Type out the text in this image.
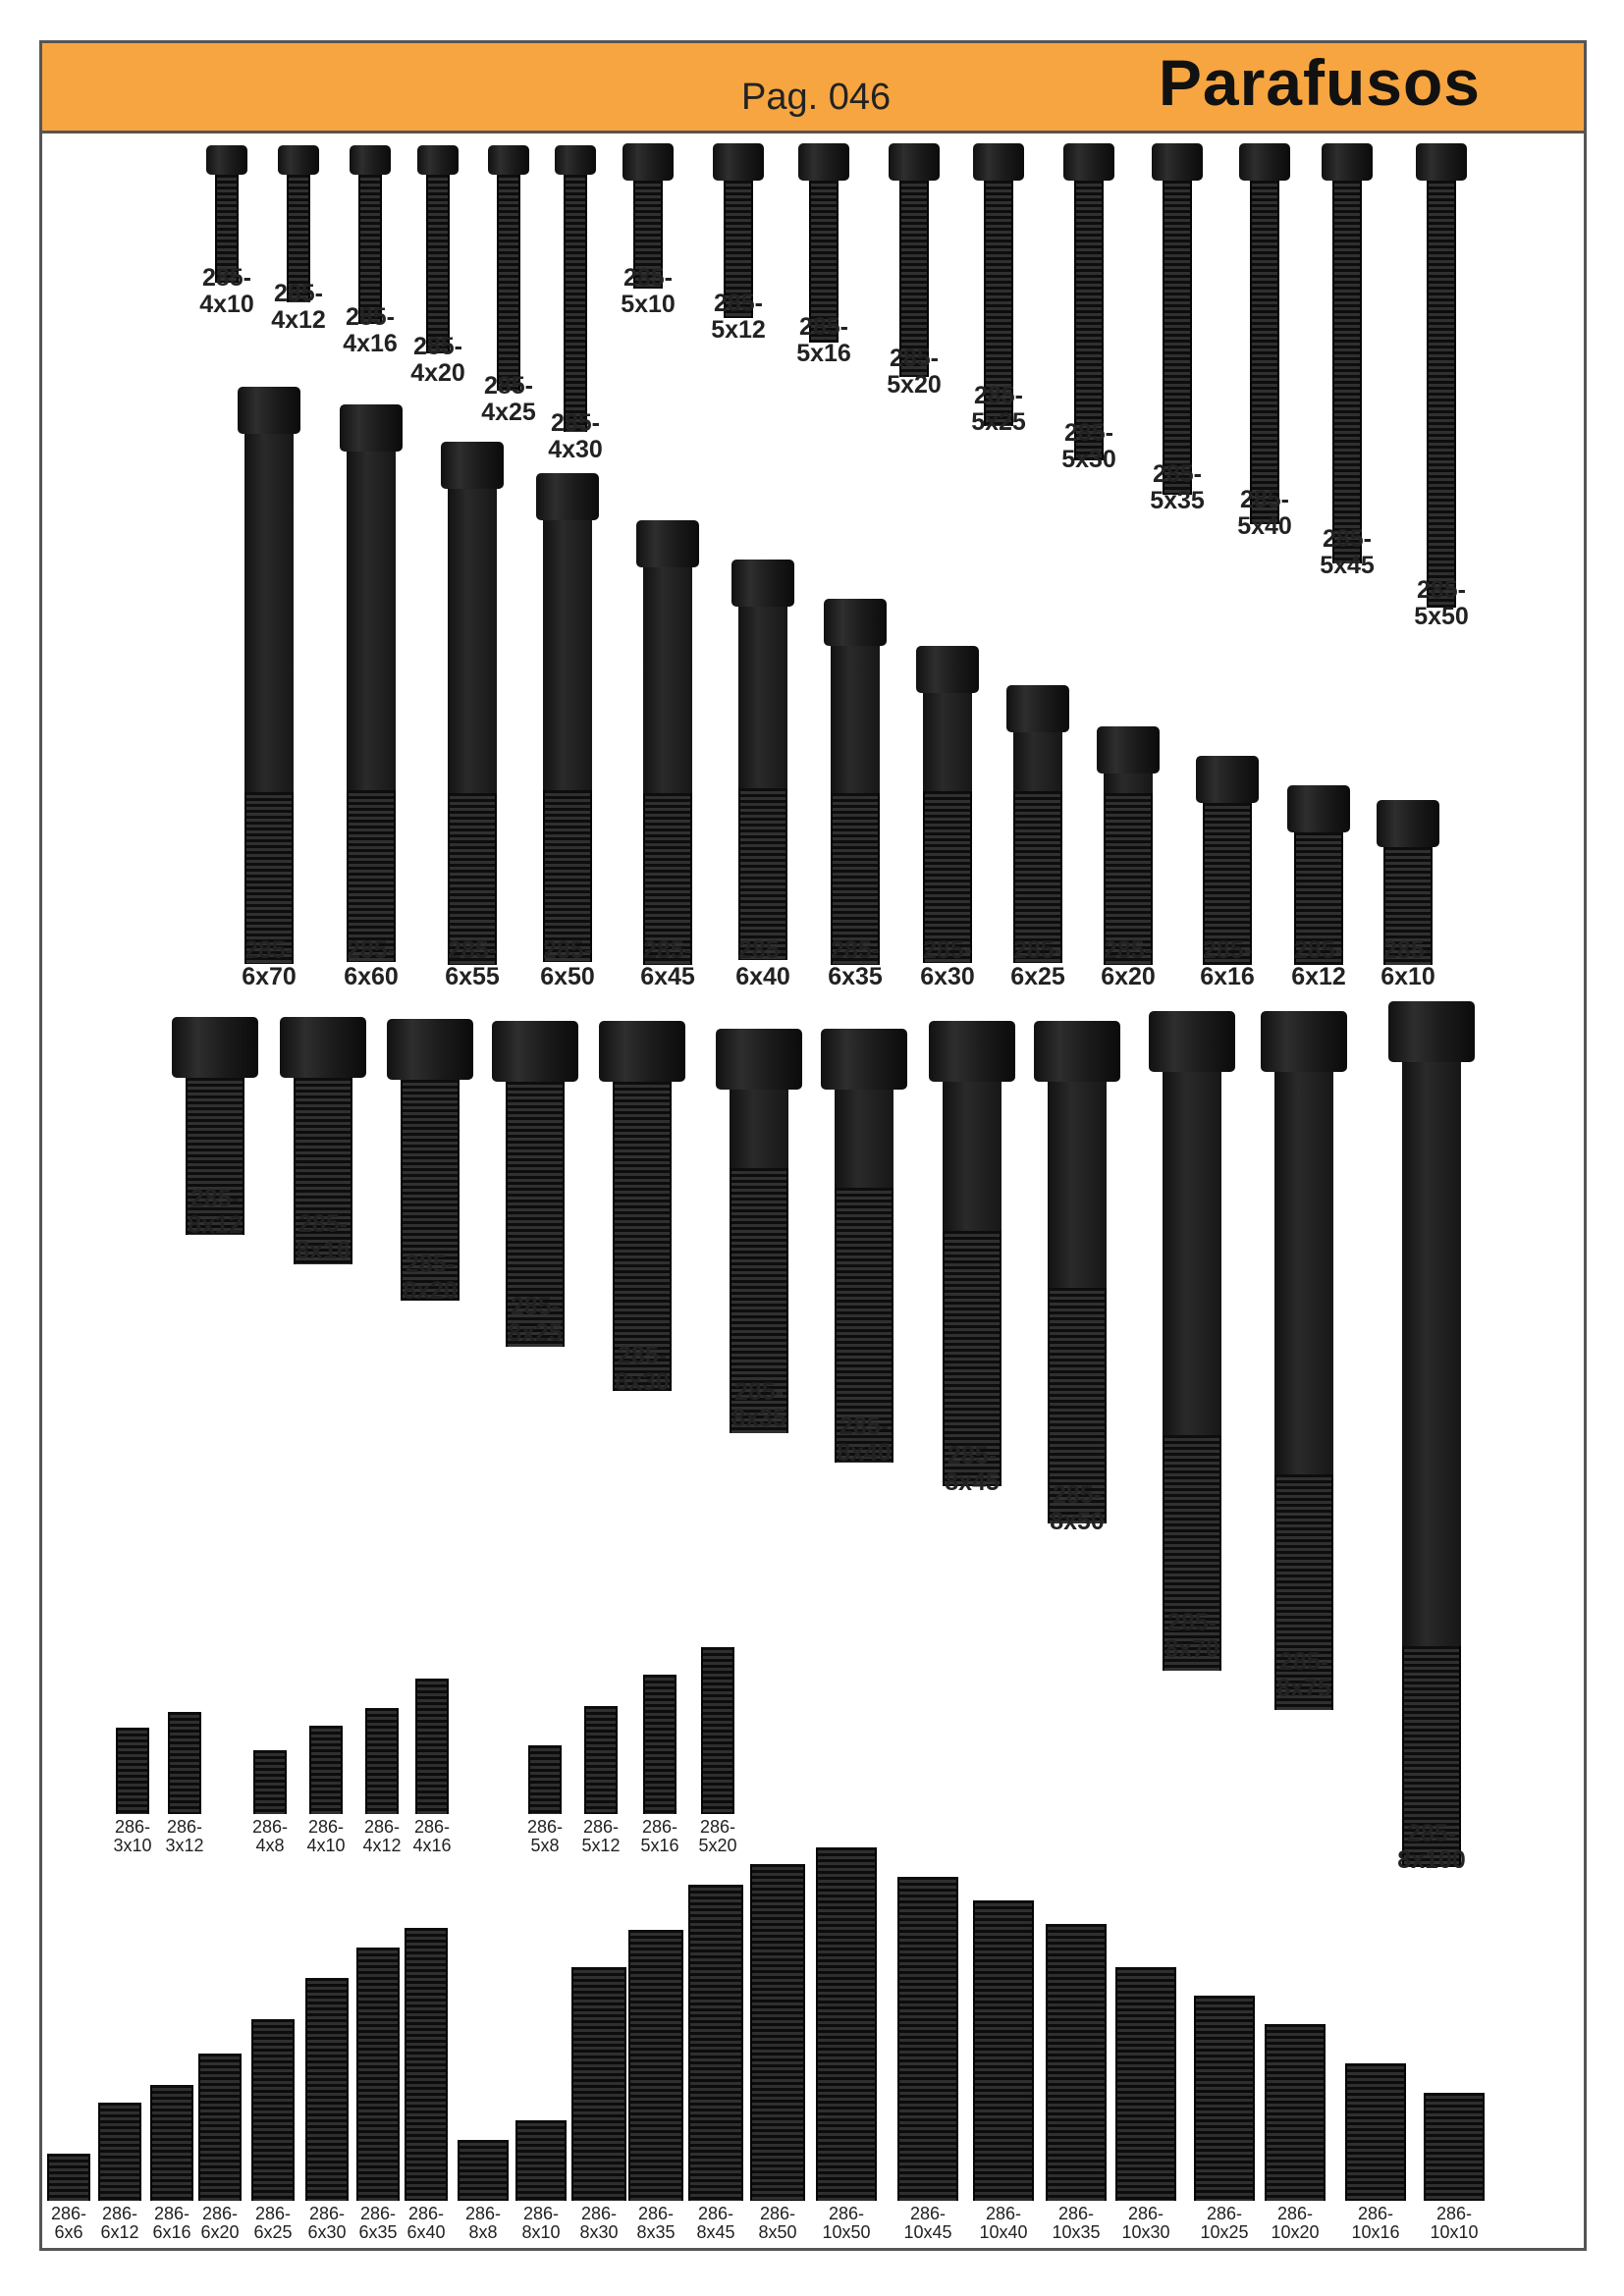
Pag. 046	Parafusos
285-
4x10 285-
4x12 285-
4x16 285-
4x20 285-
4x25 285-
4x30
285-
5x10	285-
5x12	285-
5x16	285-
5x20	285-
5x25	285-
5x30
285-
5x35	285-
5x40	285-
5x45
285-
5x50
285-
6x70
285-
6x60
285-
6x55
285-
6x50
285-
6x45
285-
6x40
285-
6x35
285-
6x30
285-
6x25
285-
6x20
285-
6x16
285-
6x12
285-
6x10
285-
8x12	285-
8x16	285-
8x20
285-
8x25
285-
8x30	285-
8x35	285-
8x40	285-
8x45	285-
8x50
285-
8x70	285-
8x75
285-
8x100
286-
3x10
286-
3x12
286-
4x8
286-
4x10
286-
4x12
286-
4x16
286-
5x8
286-
5x12
286-
5x16
286-
5x20
286-
6x6
286-
6x12
286-
6x16
286-
6x20
286-
6x25
286-
6x30
286-
6x35
286-
6x40
286-
8x8
286-
8x10
286-
8x30
286-
8x35
286-
8x45
286-
8x50
286-
10x50
286-
10x45
286-
10x40
286-
10x35
286-
10x30
286-
10x25
286-
10x20
286-
10x16
286-
10x10
